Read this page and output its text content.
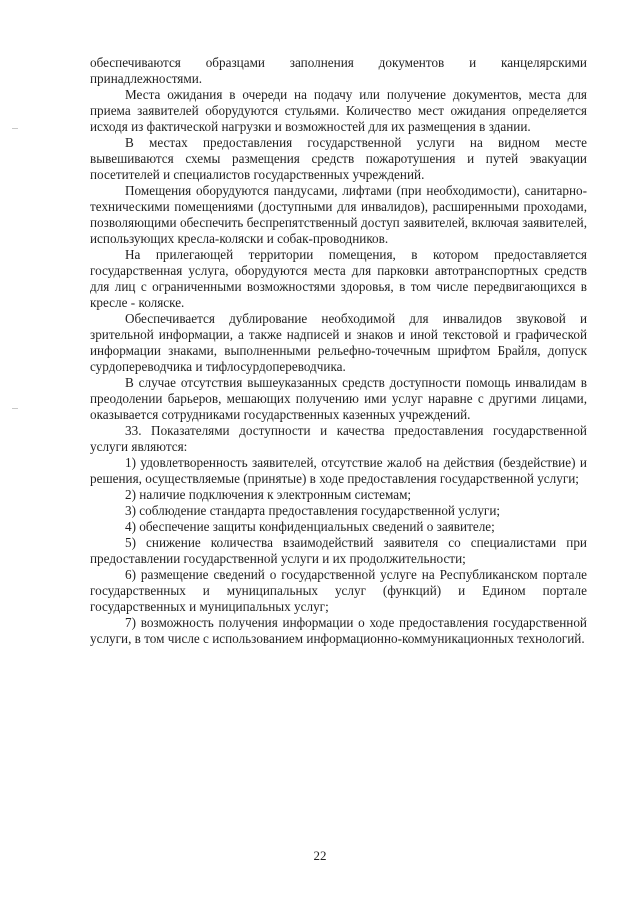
обеспечиваются образцами заполнения документов и канцелярскими принадлежностями.

Места ожидания в очереди на подачу или получение документов, места для приема заявителей оборудуются стульями. Количество мест ожидания определяется исходя из фактической нагрузки и возможностей для их размещения в здании.

В местах предоставления государственной услуги на видном месте вывешиваются схемы размещения средств пожаротушения и путей эвакуации посетителей и специалистов государственных учреждений.

Помещения оборудуются пандусами, лифтами (при необходимости), санитарно-техническими помещениями (доступными для инвалидов), расширенными проходами, позволяющими обеспечить беспрепятственный доступ заявителей, включая заявителей, использующих кресла-коляски и собак-проводников.

На прилегающей территории помещения, в котором предоставляется государственная услуга, оборудуются места для парковки автотранспортных средств для лиц с ограниченными возможностями здоровья, в том числе передвигающихся в кресле - коляске.

Обеспечивается дублирование необходимой для инвалидов звуковой и зрительной информации, а также надписей и знаков и иной текстовой и графической информации знаками, выполненными рельефно-точечным шрифтом Брайля, допуск сурдопереводчика и тифлосурдопереводчика.

В случае отсутствия вышеуказанных средств доступности помощь инвалидам в преодолении барьеров, мешающих получению ими услуг наравне с другими лицами, оказывается сотрудниками государственных казенных учреждений.

33. Показателями доступности и качества предоставления государственной услуги являются:

1) удовлетворенность заявителей, отсутствие жалоб на действия (бездействие) и решения, осуществляемые (принятые) в ходе предоставления государственной услуги;

2) наличие подключения к электронным системам;

3) соблюдение стандарта предоставления государственной услуги;

4) обеспечение защиты конфиденциальных сведений о заявителе;

5) снижение количества взаимодействий заявителя со специалистами при предоставлении государственной услуги и их продолжительности;

6) размещение сведений о государственной услуге на Республиканском портале государственных и муниципальных услуг (функций) и Едином портале государственных и муниципальных услуг;

7) возможность получения информации о ходе предоставления государственной услуги, в том числе с использованием информационно-коммуникационных технологий.

22
